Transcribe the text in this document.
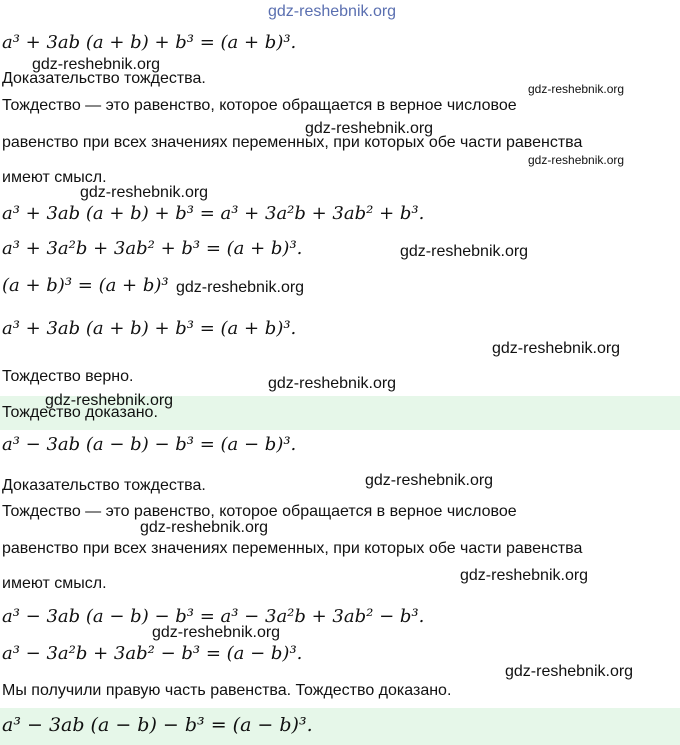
a³ + 3ab (a + b) + b³ = (a + b)³.
Доказательство тождества.
Тождество — это равенство, которое обращается в верное числовое
равенство при всех значениях переменных, при которых обе части равенства
имеют смысл.
a³ + 3ab (a + b) + b³ = a³ + 3a²b + 3ab² + b³.
a³ + 3a²b + 3ab² + b³ = (a + b)³.
(a + b)³ = (a + b)³
a³ + 3ab (a + b) + b³ = (a + b)³.
Тождество верно.
Тождество доказано.
a³ − 3ab (a − b) − b³ = (a − b)³.
Доказательство тождества.
Тождество — это равенство, которое обращается в верное числовое
равенство при всех значениях переменных, при которых обе части равенства
имеют смысл.
a³ − 3ab (a − b) − b³ = a³ − 3a²b + 3ab² − b³.
a³ − 3a²b + 3ab² − b³ = (a − b)³.
Мы получили правую часть равенства. Тождество доказано.
a³ − 3ab (a − b) − b³ = (a − b)³.
gdz-reshebnik.org
gdz-reshebnik.org
gdz-reshebnik.org
gdz-reshebnik.org
gdz-reshebnik.org
gdz-reshebnik.org
gdz-reshebnik.org
gdz-reshebnik.org
gdz-reshebnik.org
gdz-reshebnik.org
gdz-reshebnik.org
gdz-reshebnik.org
gdz-reshebnik.org
gdz-reshebnik.org
gdz-reshebnik.org
gdz-reshebnik.org
